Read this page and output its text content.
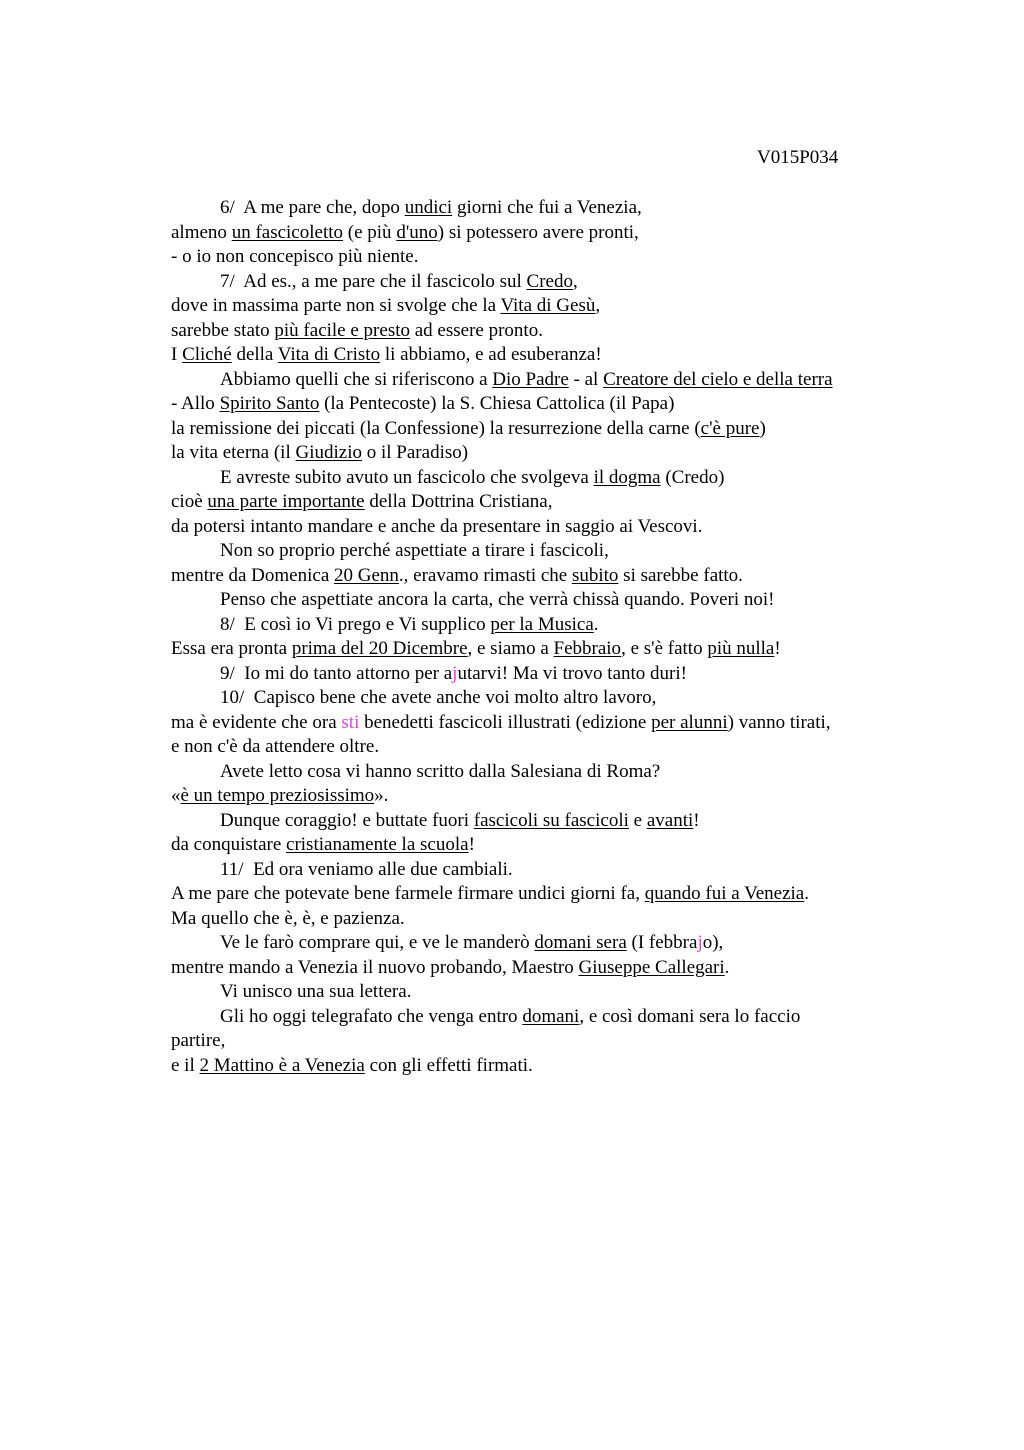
V015P034
6/  A me pare che, dopo undici giorni che fui a Venezia,
almeno un fascicoletto (e più d'uno) si potessero avere pronti,
- o io non concepisco più niente.
7/  Ad es., a me pare che il fascicolo sul Credo,
dove in massima parte non si svolge che la Vita di Gesù,
sarebbe stato più facile e presto ad essere pronto.
I Cliché della Vita di Cristo li abbiamo, e ad esuberanza!
Abbiamo quelli che si riferiscono a Dio Padre - al Creatore del cielo e della terra
- Allo Spirito Santo (la Pentecoste) la S. Chiesa Cattolica (il Papa)
la remissione dei piccati (la Confessione) la resurrezione della carne (c'è pure)
la vita eterna (il Giudizio o il Paradiso)
E avreste subito avuto un fascicolo che svolgeva il dogma (Credo)
cioè una parte importante della Dottrina Cristiana,
da potersi intanto mandare e anche da presentare in saggio ai Vescovi.
Non so proprio perché aspettiate a tirare i fascicoli,
mentre da Domenica 20 Genn., eravamo rimasti che subito si sarebbe fatto.
Penso che aspettiate ancora la carta, che verrà chissà quando. Poveri noi!
8/  E così io Vi prego e Vi supplico per la Musica.
Essa era pronta prima del 20 Dicembre, e siamo a Febbraio, e s'è fatto più nulla!
9/  Io mi do tanto attorno per ajutarvi! Ma vi trovo tanto duri!
10/  Capisco bene che avete anche voi molto altro lavoro,
ma è evidente che ora sti benedetti fascicoli illustrati (edizione per alunni) vanno tirati,
e non c'è da attendere oltre.
Avete letto cosa vi hanno scritto dalla Salesiana di Roma?
«è un tempo preziosissimo».
Dunque coraggio! e buttate fuori fascicoli su fascicoli e avanti!
da conquistare cristianamente la scuola!
11/  Ed ora veniamo alle due cambiali.
A me pare che potevate bene farmele firmare undici giorni fa, quando fui a Venezia.
Ma quello che è, è, e pazienza.
Ve le farò comprare qui, e ve le manderò domani sera (I febbrajo),
mentre mando a Venezia il nuovo probando, Maestro Giuseppe Callegari.
Vi unisco una sua lettera.
Gli ho oggi telegrafato che venga entro domani, e così domani sera lo faccio
partire,
e il 2 Mattino è a Venezia con gli effetti firmati.
